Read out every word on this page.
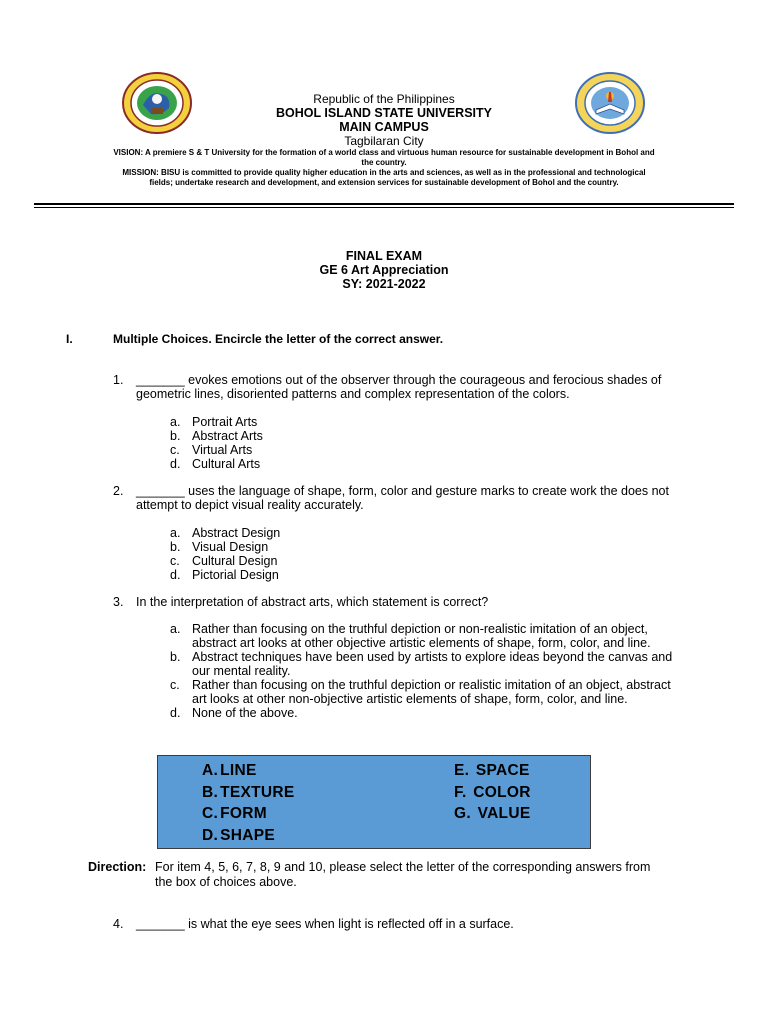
Republic of the Philippines
BOHOL ISLAND STATE UNIVERSITY
MAIN CAMPUS
Tagbilaran City
VISION: A premiere S & T University for the formation of a world class and virtuous human resource for sustainable development in Bohol and
the country.
MISSION: BISU is committed to provide quality higher education in the arts and sciences, as well as in the professional and technological
fields; undertake research and development, and extension services for sustainable development of Bohol and the country.
FINAL EXAM
GE 6 Art Appreciation
SY: 2021-2022
I.	Multiple Choices. Encircle the letter of the correct answer.
1. _______ evokes emotions out of the observer through the courageous and ferocious shades of
geometric lines, disoriented patterns and complex representation of the colors.
a. Portrait Arts
b. Abstract Arts
c. Virtual Arts
d. Cultural Arts
2. _______ uses the language of shape, form, color and gesture marks to create work the does not
attempt to depict visual reality accurately.
a. Abstract Design
b. Visual Design
c. Cultural Design
d. Pictorial Design
3. In the interpretation of abstract arts, which statement is correct?
a. Rather than focusing on the truthful depiction or non-realistic imitation of an object,
abstract art looks at other objective artistic elements of shape, form, color, and line.
b. Abstract techniques have been used by artists to explore ideas beyond the canvas and
our mental reality.
c. Rather than focusing on the truthful depiction or realistic imitation of an object, abstract
art looks at other non-objective artistic elements of shape, form, color, and line.
d. None of the above.
A. LINE
B. TEXTURE
C. FORM
D. SHAPE
E. SPACE
F. COLOR
G. VALUE
Direction: For item 4, 5, 6, 7, 8, 9 and 10, please select the letter of the corresponding answers from
the box of choices above.
4. _______ is what the eye sees when light is reflected off in a surface.
